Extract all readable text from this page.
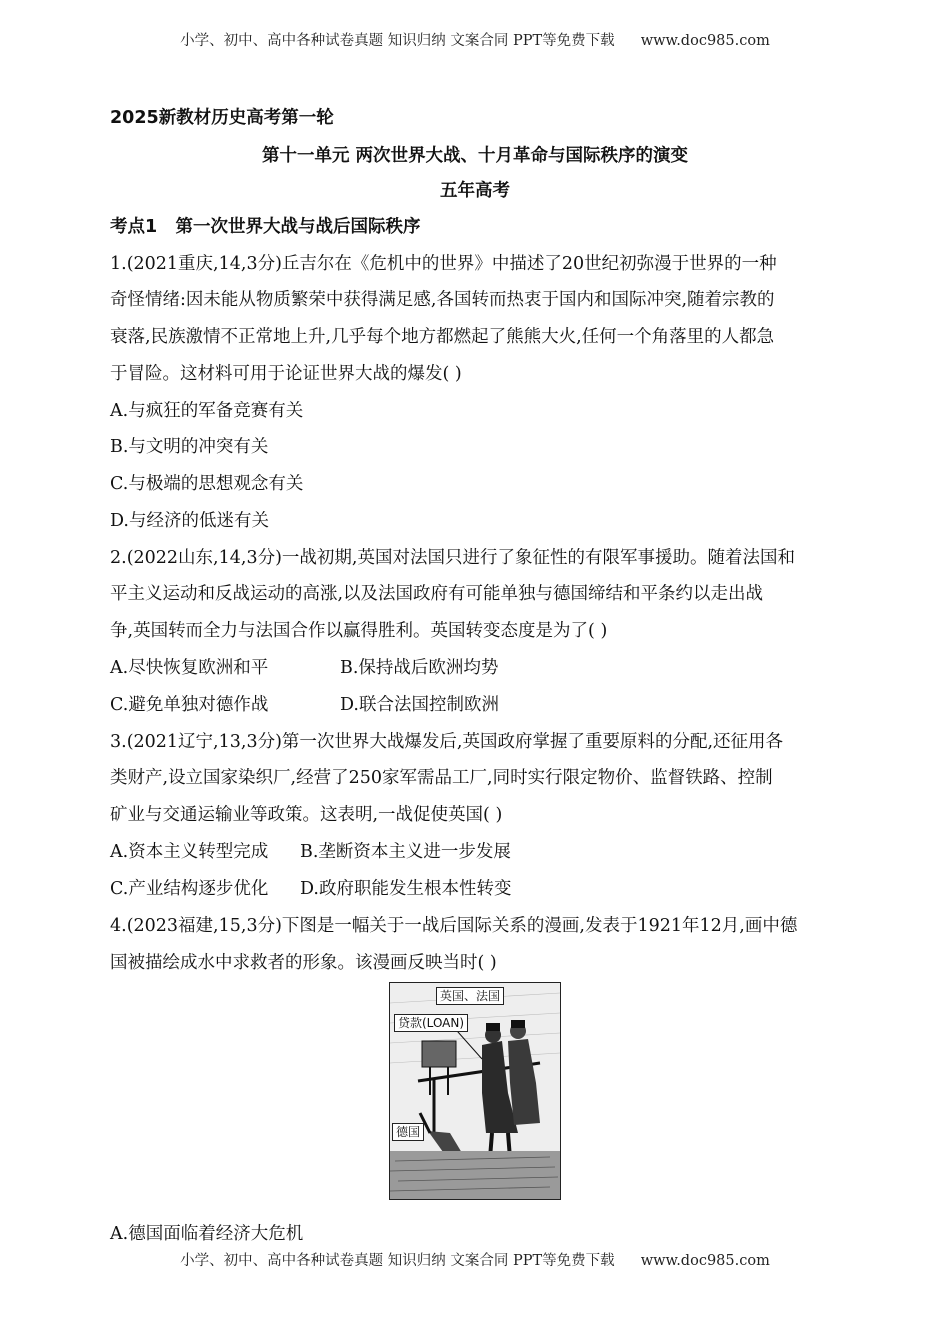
小学、初中、高中各种试卷真题 知识归纳 文案合同 PPT等免费下载 www.doc985.com
2025新教材历史高考第一轮
第十一单元 两次世界大战、十月革命与国际秩序的演变
五年高考
考点1 第一次世界大战与战后国际秩序
1.(2021重庆,14,3分)丘吉尔在《危机中的世界》中描述了20世纪初弥漫于世界的一种
奇怪情绪:因未能从物质繁荣中获得满足感,各国转而热衷于国内和国际冲突,随着宗教的
衰落,民族激情不正常地上升,几乎每个地方都燃起了熊熊大火,任何一个角落里的人都急
于冒险。这材料可用于论证世界大战的爆发( )
A.与疯狂的军备竞赛有关
B.与文明的冲突有关
C.与极端的思想观念有关
D.与经济的低迷有关
2.(2022山东,14,3分)一战初期,英国对法国只进行了象征性的有限军事援助。随着法国和
平主义运动和反战运动的高涨,以及法国政府有可能单独与德国缔结和平条约以走出战
争,英国转而全力与法国合作以赢得胜利。英国转变态度是为了( )
A.尽快恢复欧洲和平	B.保持战后欧洲均势
C.避免单独对德作战	D.联合法国控制欧洲
3.(2021辽宁,13,3分)第一次世界大战爆发后,英国政府掌握了重要原料的分配,还征用各
类财产,设立国家染织厂,经营了250家军需品工厂,同时实行限定物价、监督铁路、控制
矿业与交通运输业等政策。这表明,一战促使英国( )
A.资本主义转型完成 B.垄断资本主义进一步发展
C.产业结构逐步优化 D.政府职能发生根本性转变
4.(2023福建,15,3分)下图是一幅关于一战后国际关系的漫画,发表于1921年12月,画中德
国被描绘成水中求救者的形象。该漫画反映当时( )
英国、法国
贷款(LOAN)
德国
A.德国面临着经济大危机
小学、初中、高中各种试卷真题 知识归纳 文案合同 PPT等免费下载 www.doc985.com
